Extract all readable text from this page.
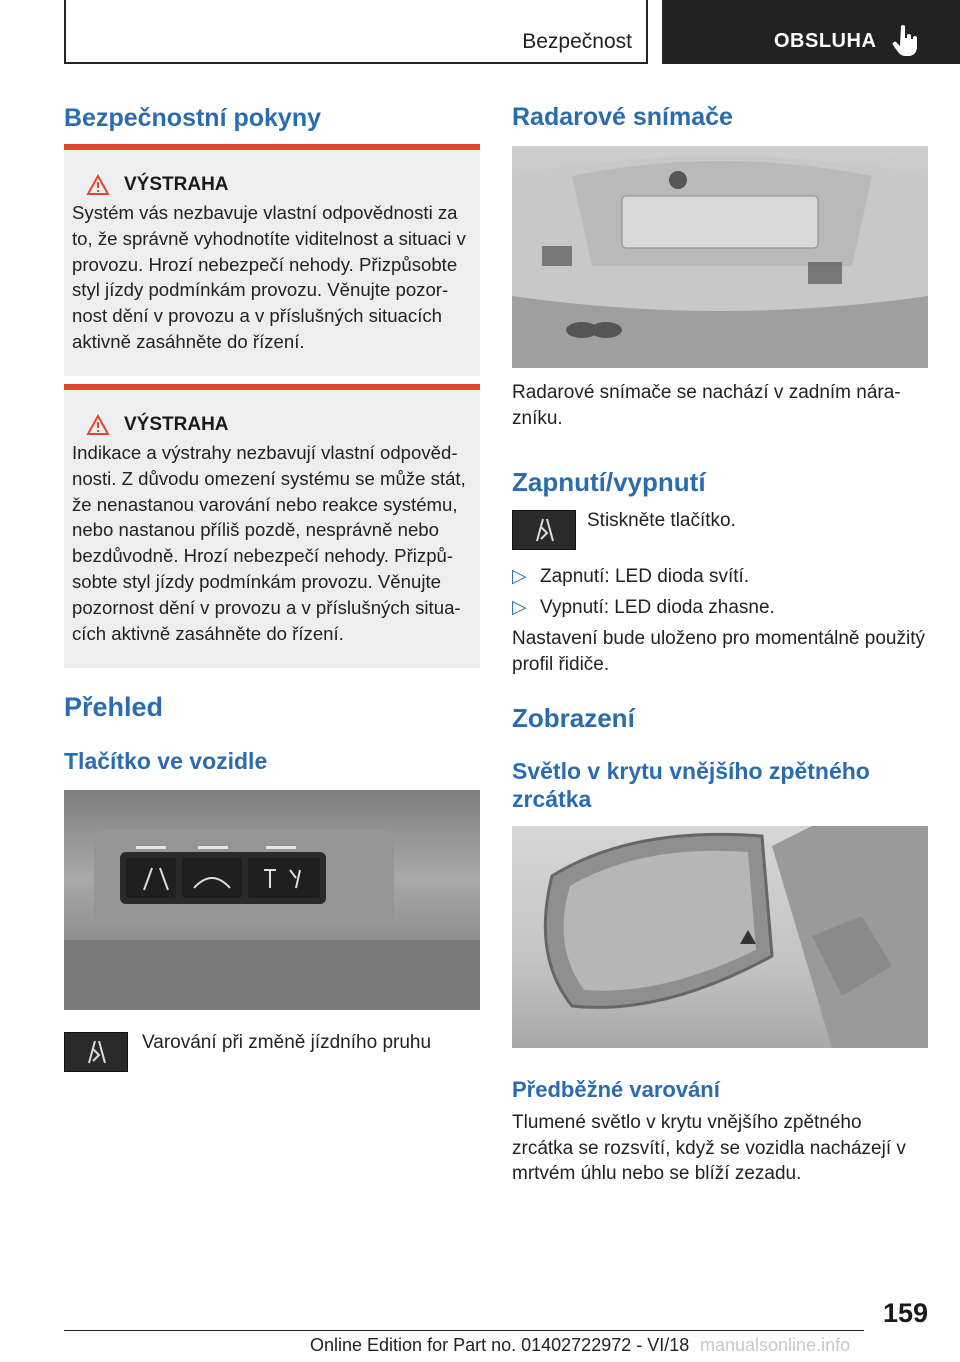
Bezpečnost	OBSLUHA
Bezpečnostní pokyny
VÝSTRAHA
Systém vás nezbavuje vlastní odpovědnosti za
to, že správně vyhodnotíte viditelnost a situaci v
provozu. Hrozí nebezpečí nehody. Přizpůsobte
styl jízdy podmínkám provozu. Věnujte pozor‐
nost dění v provozu a v příslušných situacích
aktivně zasáhněte do řízení.
VÝSTRAHA
Indikace a výstrahy nezbavují vlastní odpověd‐
nosti. Z důvodu omezení systému se může stát,
že nenastanou varování nebo reakce systému,
nebo nastanou příliš pozdě, nesprávně nebo
bezdůvodně. Hrozí nebezpečí nehody. Přizpů‐
sobte styl jízdy podmínkám provozu. Věnujte
pozornost dění v provozu a v příslušných situa‐
cích aktivně zasáhněte do řízení.
Přehled
Tlačítko ve vozidle
Varování při změně jízdního pruhu
Radarové snímače
Radarové snímače se nachází v zadním nára‐
zníku.
Zapnutí/vypnutí
Stiskněte tlačítko.
▷ Zapnutí: LED dioda svítí.
▷ Vypnutí: LED dioda zhasne.
Nastavení bude uloženo pro momentálně použitý
profil řidiče.
Zobrazení
Světlo v krytu vnějšího zpětného
zrcátka
Předběžné varování
Tlumené světlo v krytu vnějšího zpětného
zrcátka se rozsvítí, když se vozidla nacházejí v
mrtvém úhlu nebo se blíží zezadu.
159
Online Edition for Part no. 01402722972 - VI/18 manualsonline.info
